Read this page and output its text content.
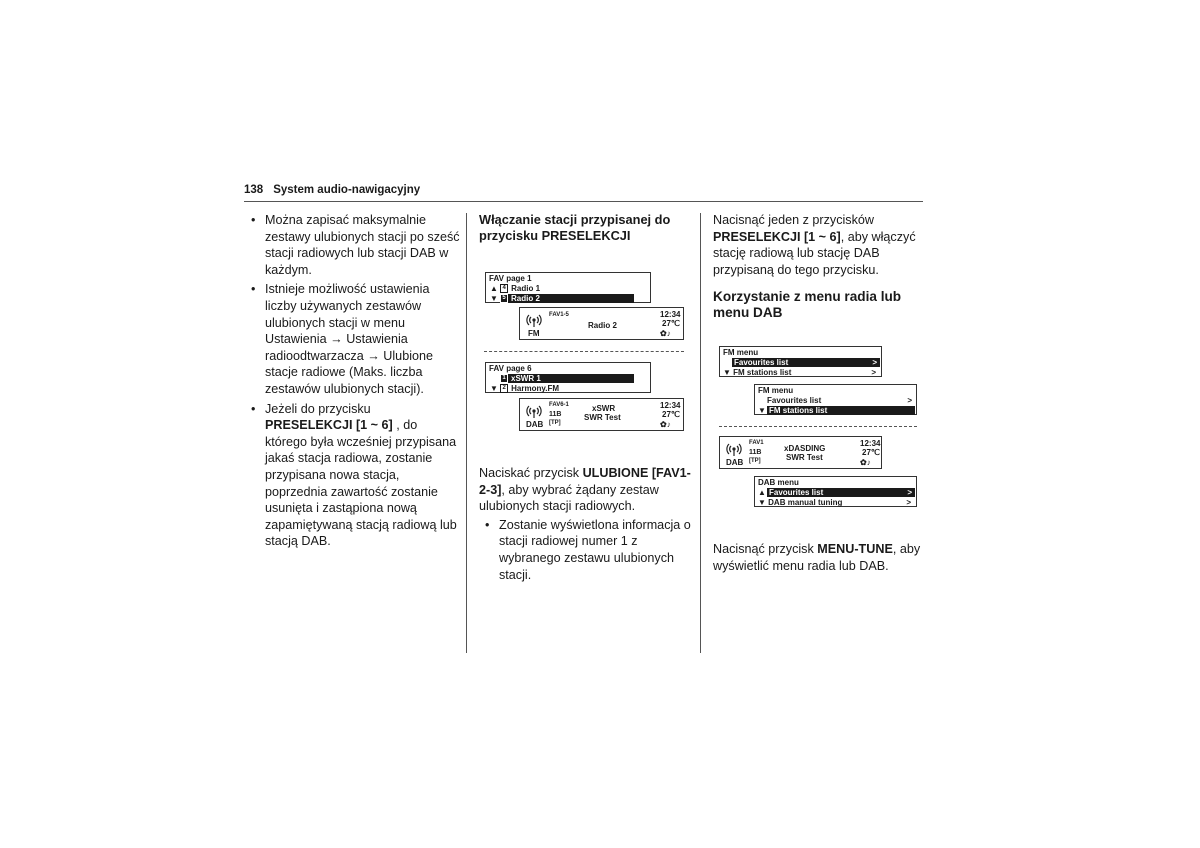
138 System audio-nawigacyjny
• Można zapisać maksymalnie zestawy ulubionych stacji po sześć stacji radiowych lub stacji DAB w każdym.
• Istnieje możliwość ustawienia liczby używanych zestawów ulubionych stacji w menu Ustawienia → Ustawienia radioodtwarzacza → Ulubione stacje radiowe (Maks. liczba zestawów ulubionych stacji).
• Jeżeli do przycisku PRESELEKCJI [1 ~ 6] , do którego była wcześniej przypisana jakaś stacja radiowa, zostanie przypisana nowa stacja, poprzednia zawartość zostanie usunięta i zastąpiona nową zapamiętywaną stacją radiową lub stacją DAB.
Włączanie stacji przypisanej do przycisku PRESELEKCJI
FAV page 1
▲ 4 Radio 1
5 Radio 2
▼
FAV1-5
FM
Radio 2
12:34
27℃
✿♪
FAV page 6
1 xSWR 1
▼ 2 Harmony.FM
FAV6-1
11B
[TP]
DAB
xSWR
SWR Test
12:34
27℃
✿♪
Naciskać przycisk ULUBIONE [FAV1-2-3], aby wybrać żądany zestaw ulubionych stacji radiowych.
• Zostanie wyświetlona informacja o stacji radiowej numer 1 z wybranego zestawu ulubionych stacji.
Nacisnąć jeden z przycisków PRESELEKCJI [1 ~ 6], aby włączyć stację radiową lub stację DAB przypisaną do tego przycisku.
Korzystanie z menu radia lub menu DAB
FM menu
Favourites list	>
▼ FM stations list	>
FM menu
Favourites list	>
▼ FM stations list
FAV1
11B
[TP]
DAB
xDASDING
SWR Test
12:34
27℃
✿♪
DAB menu
▲ Favourites list	>
▼ DAB manual tuning	>
Nacisnąć przycisk MENU-TUNE, aby wyświetlić menu radia lub DAB.
